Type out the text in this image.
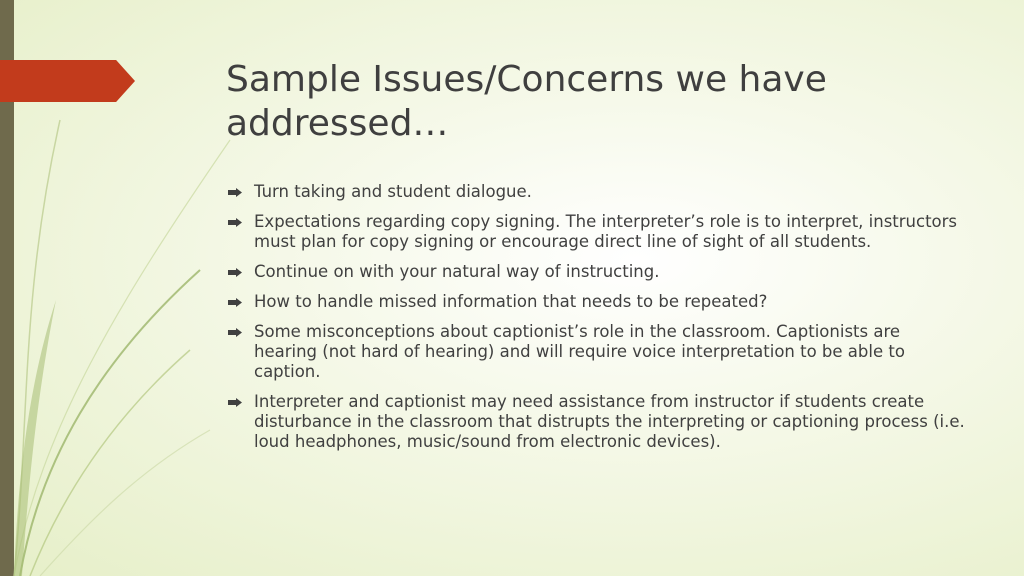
Sample Issues/Concerns we have addressed…
Turn taking and student dialogue.
Expectations regarding copy signing. The interpreter’s role is to interpret, instructors must plan for copy signing or encourage direct line of sight of all students.
Continue on with your natural way of instructing.
How to handle missed information that needs to be repeated?
Some misconceptions about captionist’s role in the classroom. Captionists are hearing (not hard of hearing) and will require voice interpretation to be able to caption.
Interpreter and captionist may need assistance from instructor if students create disturbance in the classroom that distrupts the interpreting or captioning process (i.e. loud headphones, music/sound from electronic devices).
